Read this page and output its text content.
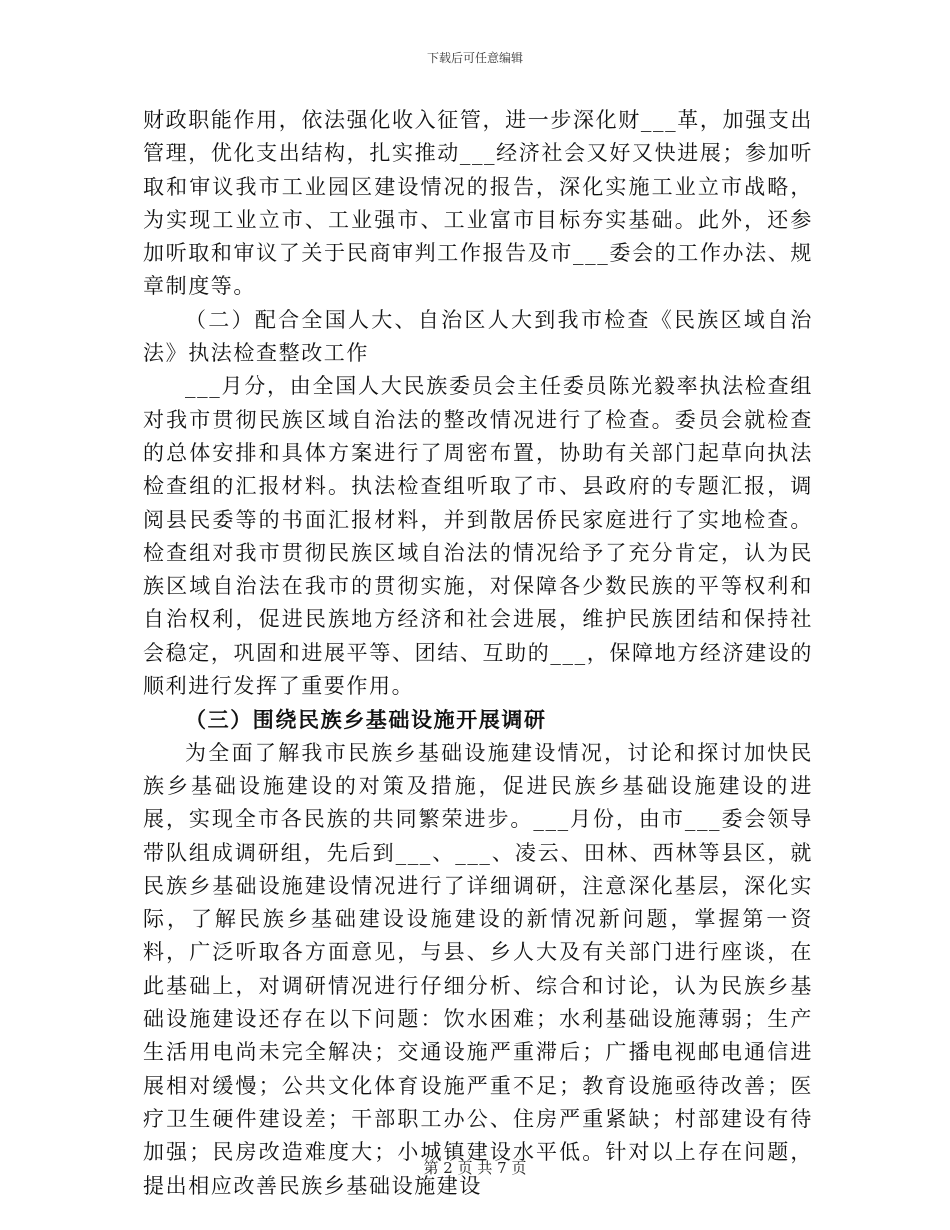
下载后可任意编辑

财政职能作用，依法强化收入征管，进一步深化财___革，加强支出管理，优化支出结构，扎实推动___经济社会又好又快进展；参加听取和审议我市工业园区建设情况的报告，深化实施工业立市战略，为实现工业立市、工业强市、工业富市目标夯实基础。此外，还参加听取和审议了关于民商审判工作报告及市___委会的工作办法、规章制度等。

（二）配合全国人大、自治区人大到我市检查《民族区域自治法》执法检查整改工作

___月分，由全国人大民族委员会主任委员陈光毅率执法检查组对我市贯彻民族区域自治法的整改情况进行了检查。委员会就检查的总体安排和具体方案进行了周密布置，协助有关部门起草向执法检查组的汇报材料。执法检查组听取了市、县政府的专题汇报，调阅县民委等的书面汇报材料，并到散居侨民家庭进行了实地检查。检查组对我市贯彻民族区域自治法的情况给予了充分肯定，认为民族区域自治法在我市的贯彻实施，对保障各少数民族的平等权利和自治权利，促进民族地方经济和社会进展，维护民族团结和保持社会稳定，巩固和进展平等、团结、互助的___，保障地方经济建设的顺利进行发挥了重要作用。

（三）围绕民族乡基础设施开展调研

为全面了解我市民族乡基础设施建设情况，讨论和探讨加快民族乡基础设施建设的对策及措施，促进民族乡基础设施建设的进展，实现全市各民族的共同繁荣进步。___月份，由市___委会领导带队组成调研组，先后到___、___、凌云、田林、西林等县区，就民族乡基础设施建设情况进行了详细调研，注意深化基层，深化实际，了解民族乡基础建设设施建设的新情况新问题，掌握第一资料，广泛听取各方面意见，与县、乡人大及有关部门进行座谈，在此基础上，对调研情况进行仔细分析、综合和讨论，认为民族乡基础设施建设还存在以下问题：饮水困难；水利基础设施薄弱；生产生活用电尚未完全解决；交通设施严重滞后；广播电视邮电通信进展相对缓慢；公共文化体育设施严重不足；教育设施亟待改善；医疗卫生硬件建设差；干部职工办公、住房严重紧缺；村部建设有待加强；民房改造难度大；小城镇建设水平低。针对以上存在问题，提出相应改善民族乡基础设施建设

第 2 页 共 7 页
